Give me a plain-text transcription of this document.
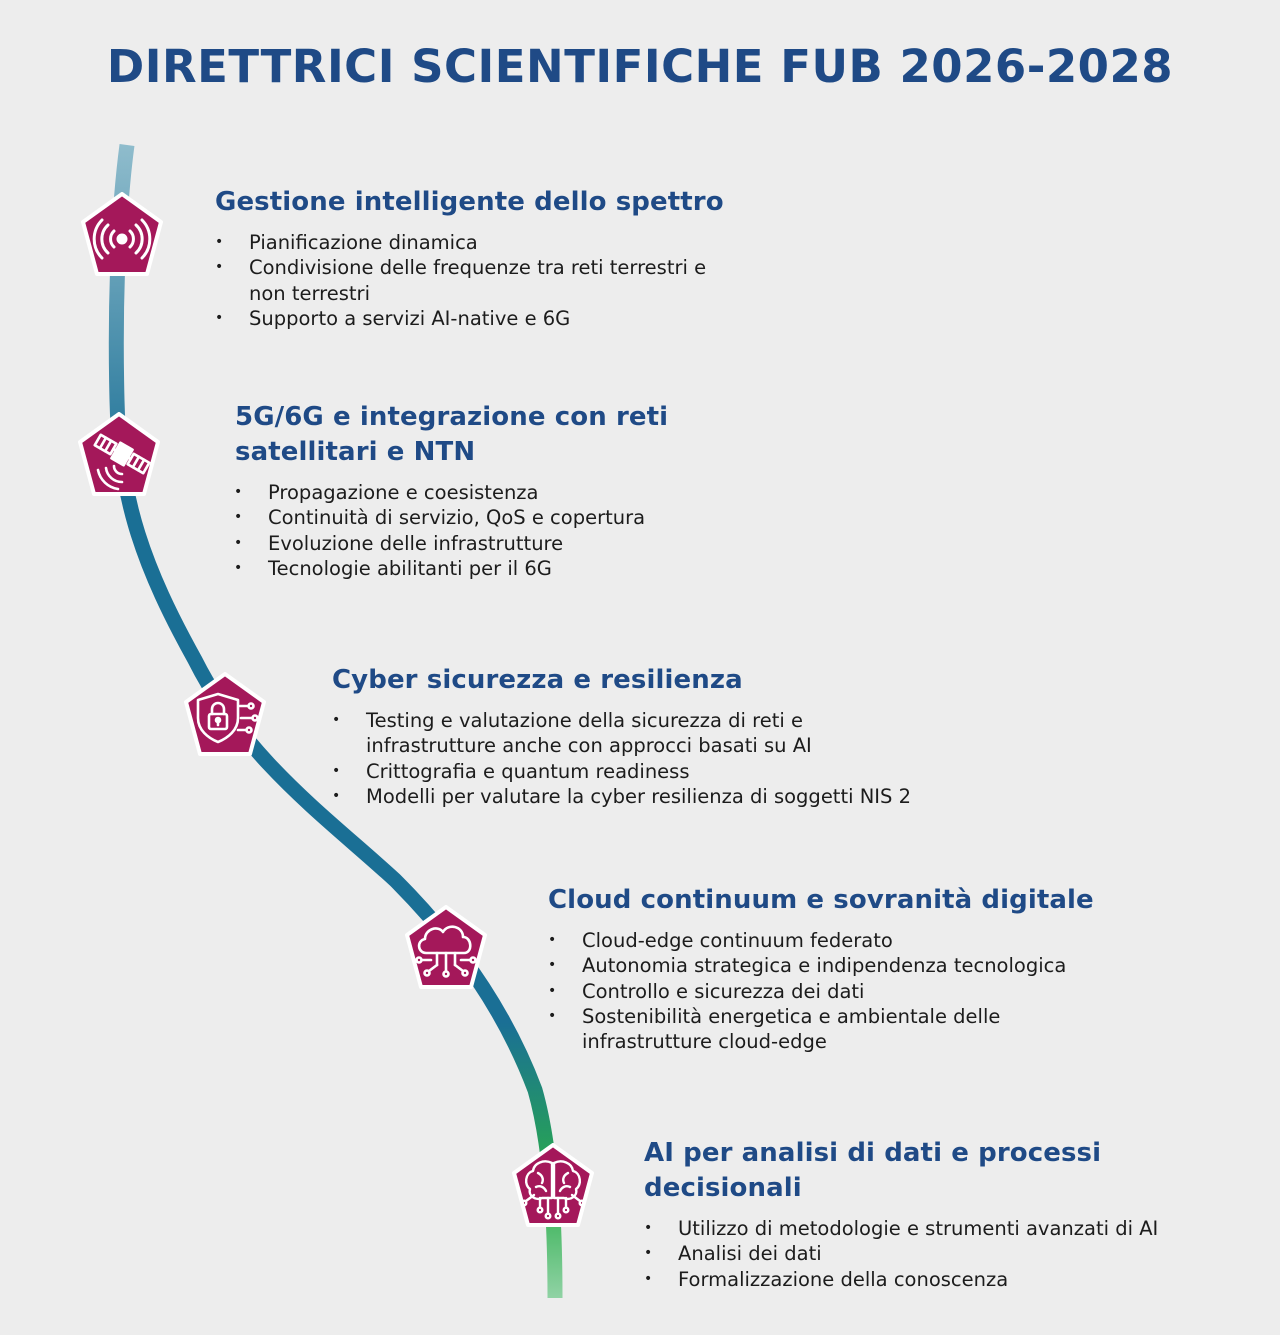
DIRETTRICI SCIENTIFICHE FUB 2026-2028
Gestione intelligente dello spettro
• Pianificazione dinamica
• Condivisione delle frequenze tra reti terrestri e non terrestri
• Supporto a servizi AI-native e 6G
5G/6G e integrazione con reti satellitari e NTN
• Propagazione e coesistenza
• Continuità di servizio, QoS e copertura
• Evoluzione delle infrastrutture
• Tecnologie abilitanti per il 6G
Cyber sicurezza e resilienza
• Testing e valutazione della sicurezza di reti e infrastrutture anche con approcci basati su AI
• Crittografia e quantum readiness
• Modelli per valutare la cyber resilienza di soggetti NIS 2
Cloud continuum e sovranità digitale
• Cloud-edge continuum federato
• Autonomia strategica e indipendenza tecnologica
• Controllo e sicurezza dei dati
• Sostenibilità energetica e ambientale delle infrastrutture cloud-edge
AI per analisi di dati e processi decisionali
• Utilizzo di metodologie e strumenti avanzati di AI
• Analisi dei dati
• Formalizzazione della conoscenza
